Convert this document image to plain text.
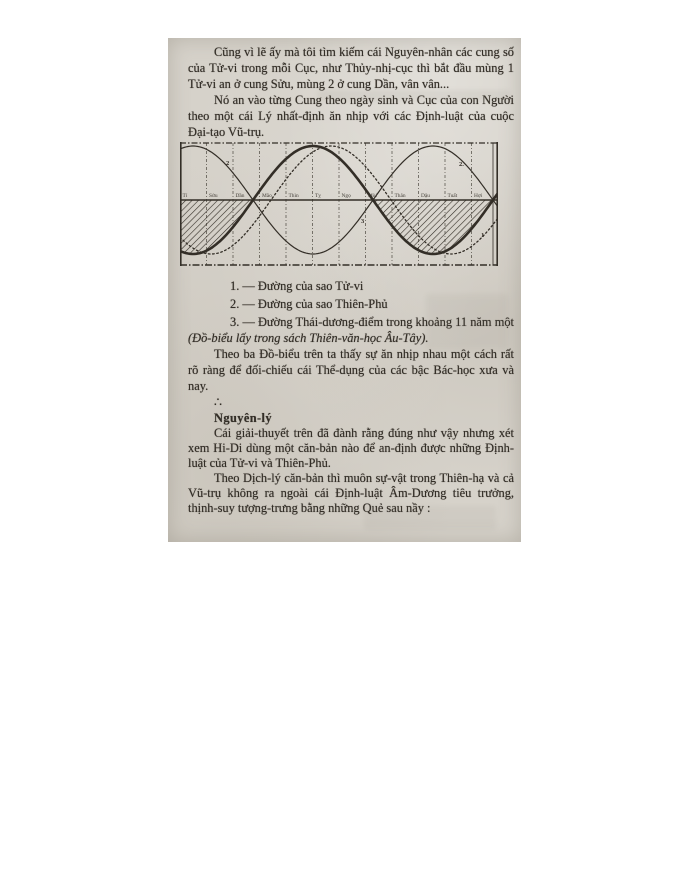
Cũng vì lẽ ấy mà tôi tìm kiếm cái Nguyên-nhân các cung số của Tử-vi trong mỗi Cục, như Thủy-nhị-cục thì bắt đầu mùng 1 Tử-vi an ở cung Sửu, mùng 2 ở cung Dần, vân vân...

Nó an vào từng Cung theo ngày sinh và Cục của con Người theo một cái Lý nhất-định ăn nhịp với các Định-luật của cuộc Đại-tạo Vũ-trụ.

Tí	Sửu	Dần	Mão	Thìn	Tỵ	Ngọ	Mùi	Thân	Dậu	Tuất	Hợi
2	2.
3
1
1. — Đường của sao Tử-vi
2. — Đường của sao Thiên-Phủ
3. — Đường Thái-dương-điểm trong khoảng 11 năm một (Đồ-biểu lấy trong sách Thiên-văn-học Âu-Tây).

Theo ba Đồ-biểu trên ta thấy sự ăn nhịp nhau một cách rất rõ ràng để đối-chiếu cái Thể-dụng của các bậc Bác-học xưa và nay.

∴

Nguyên-lý

Cái giải-thuyết trên đã đành rằng đúng như vậy nhưng xét xem Hi-Di dùng một căn-bản nào để an-định được những Định-luật của Tử-vi và Thiên-Phủ.

Theo Dịch-lý căn-bản thì muôn sự-vật trong Thiên-hạ và cả Vũ-trụ không ra ngoài cái Định-luật Âm-Dương tiêu trưởng, thịnh-suy tượng-trưng bằng những Quẻ sau nầy :
